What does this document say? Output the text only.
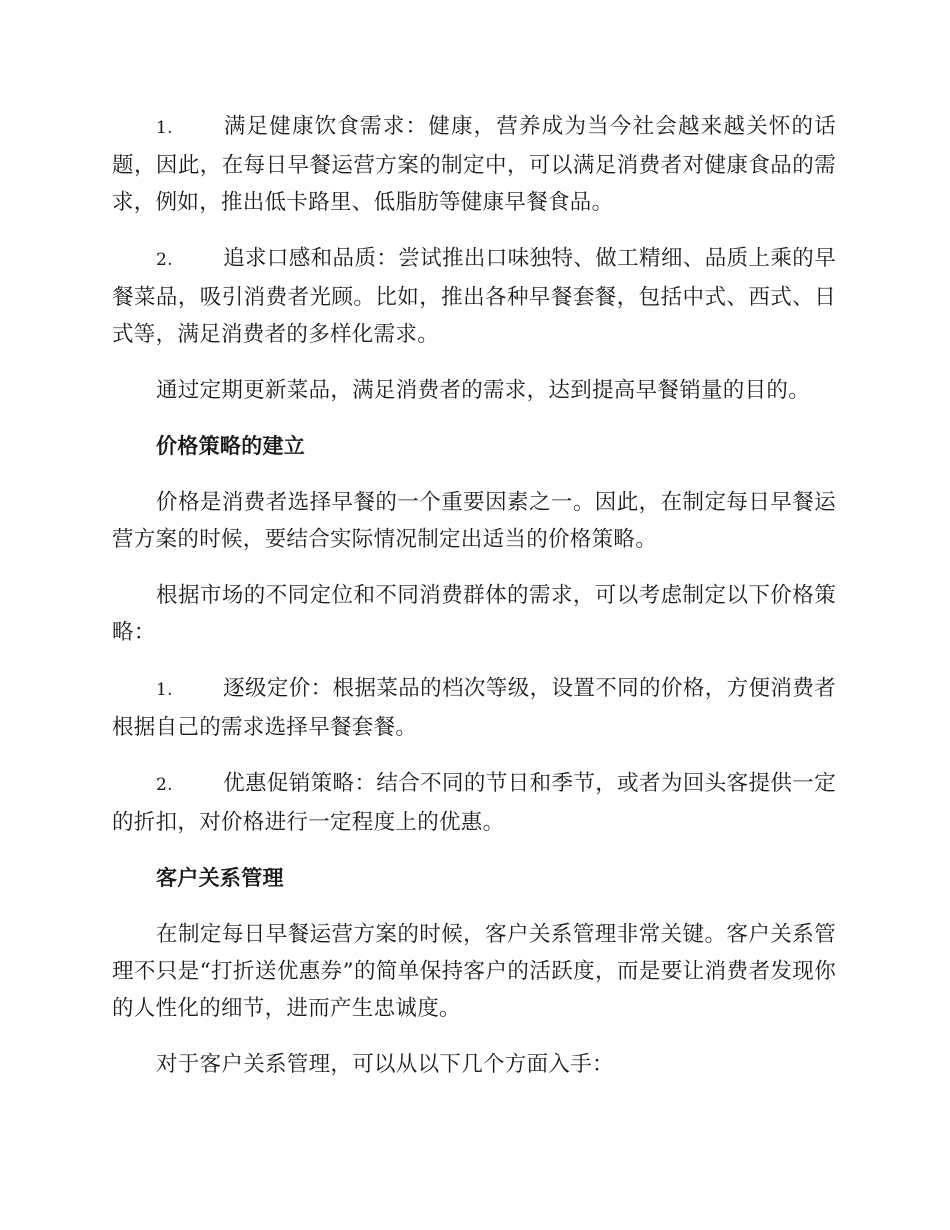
1. 满足健康饮食需求：健康，营养成为当今社会越来越关怀的话题，因此，在每日早餐运营方案的制定中，可以满足消费者对健康食品的需求，例如，推出低卡路里、低脂肪等健康早餐食品。

2. 追求口感和品质：尝试推出口味独特、做工精细、品质上乘的早餐菜品，吸引消费者光顾。比如，推出各种早餐套餐，包括中式、西式、日式等，满足消费者的多样化需求。

通过定期更新菜品，满足消费者的需求，达到提高早餐销量的目的。

价格策略的建立

价格是消费者选择早餐的一个重要因素之一。因此，在制定每日早餐运营方案的时候，要结合实际情况制定出适当的价格策略。

根据市场的不同定位和不同消费群体的需求，可以考虑制定以下价格策略：

1. 逐级定价：根据菜品的档次等级，设置不同的价格，方便消费者根据自己的需求选择早餐套餐。

2. 优惠促销策略：结合不同的节日和季节，或者为回头客提供一定的折扣，对价格进行一定程度上的优惠。

客户关系管理

在制定每日早餐运营方案的时候，客户关系管理非常关键。客户关系管理不只是“打折送优惠券”的简单保持客户的活跃度，而是要让消费者发现你的人性化的细节，进而产生忠诚度。

对于客户关系管理，可以从以下几个方面入手：
